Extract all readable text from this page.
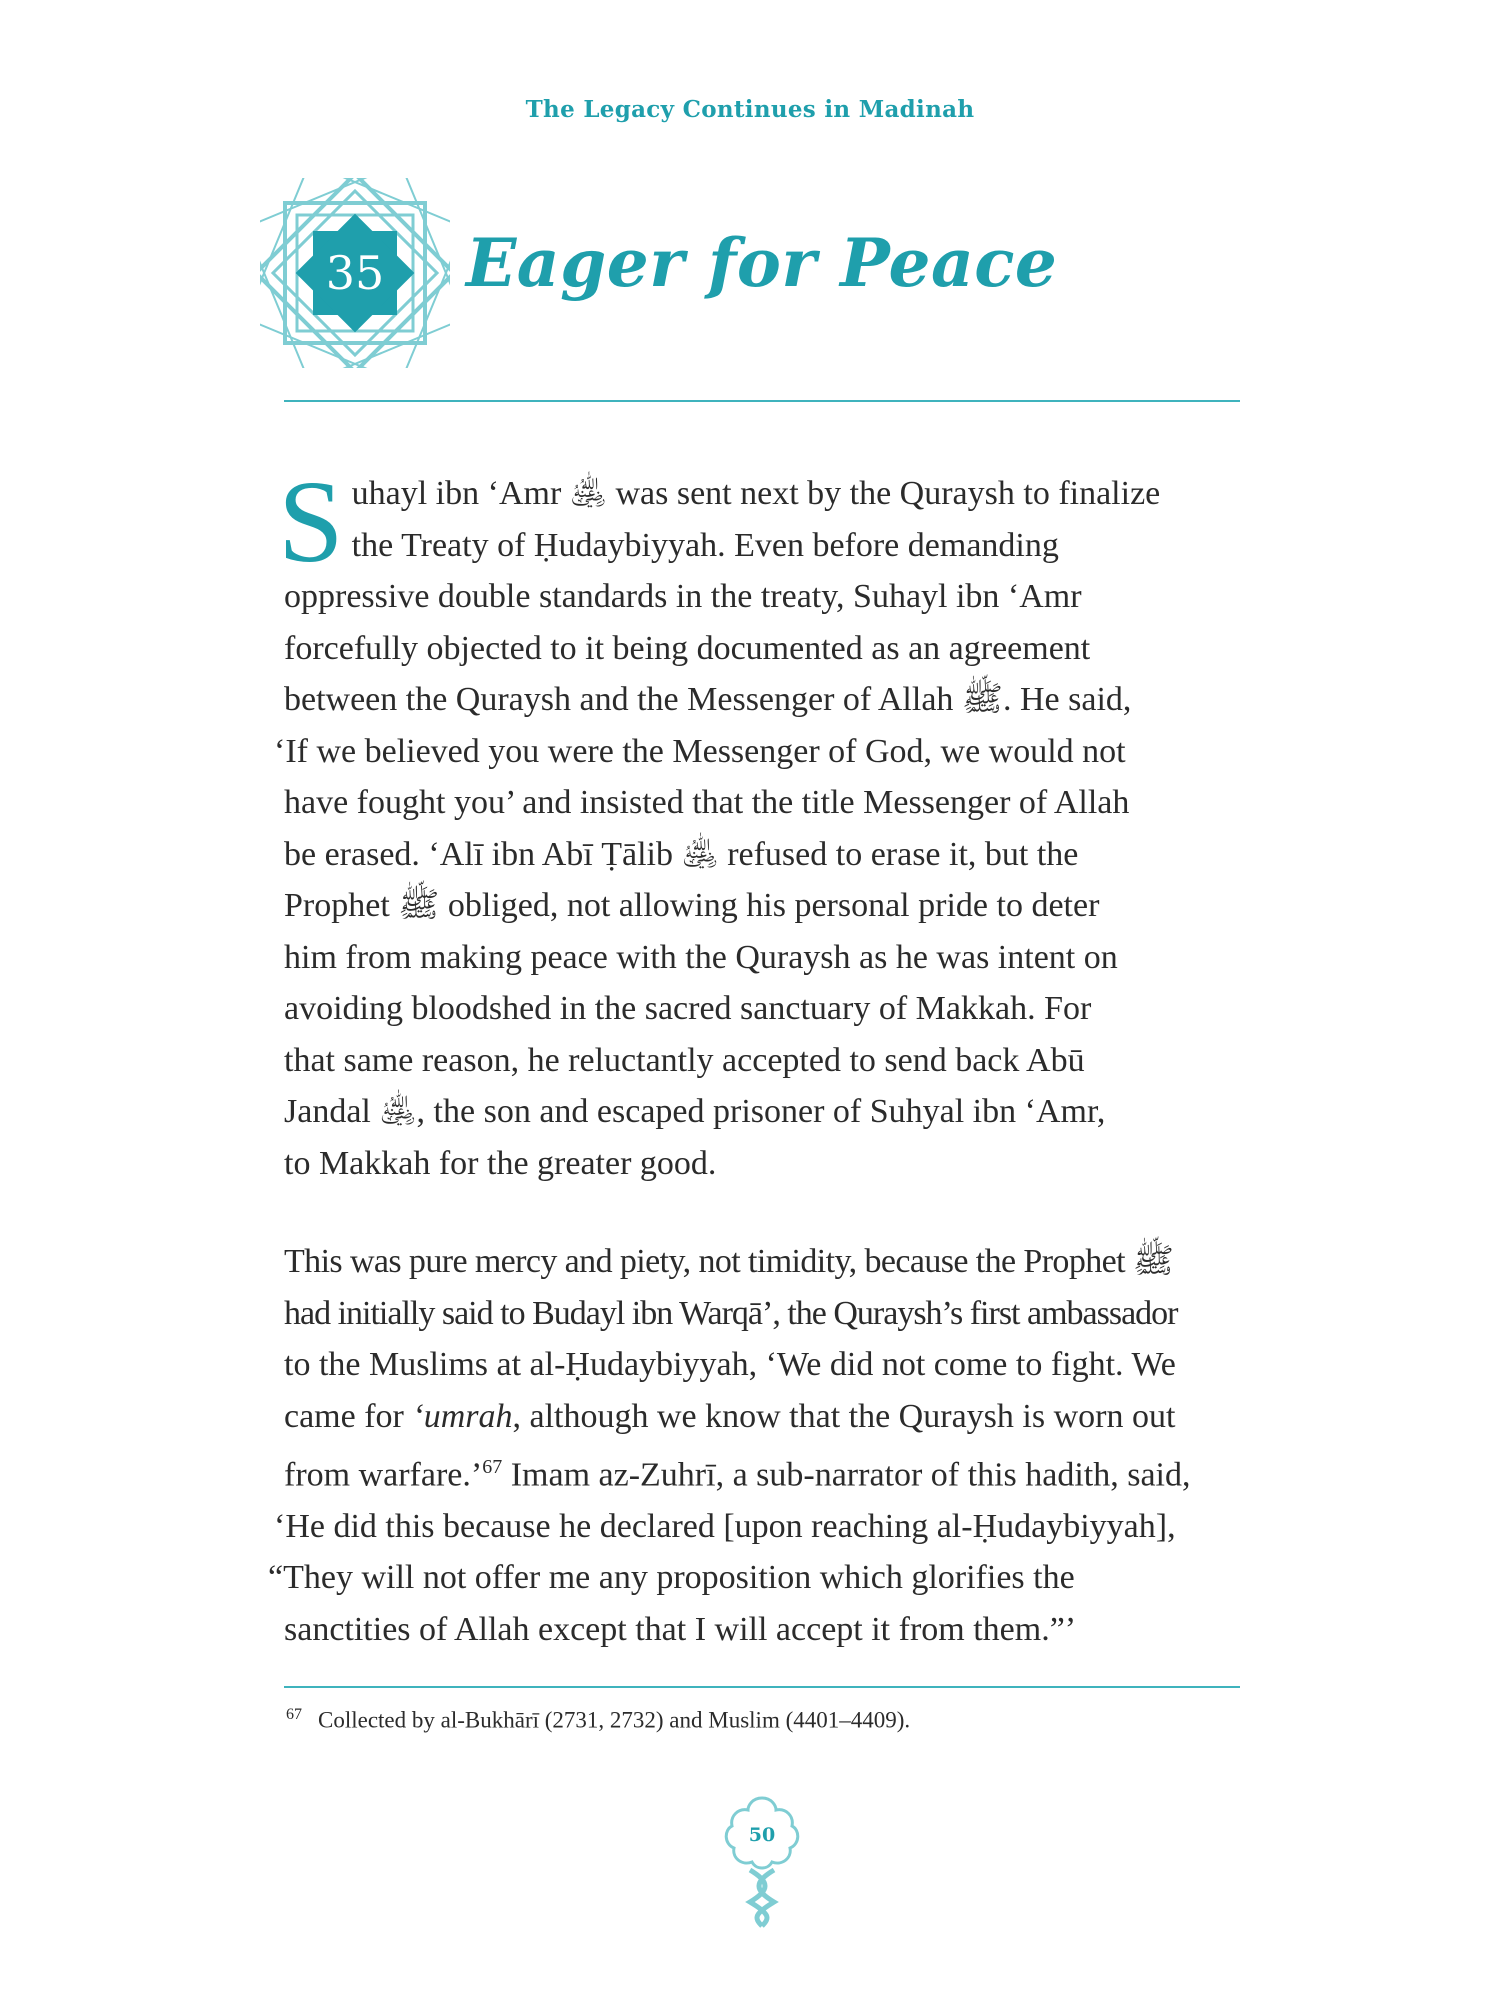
The Legacy Continues in Madinah
35	Eager for Peace
S uhayl ibn ‘Amr ﵁ was sent next by the Quraysh to finalize
the Treaty of Ḥudaybiyyah. Even before demanding
oppressive double standards in the treaty, Suhayl ibn ‘Amr
forcefully objected to it being documented as an agreement
between the Quraysh and the Messenger of Allah ﷺ. He said,
‘If we believed you were the Messenger of God, we would not
have fought you’ and insisted that the title Messenger of Allah
be erased. ‘Alī ibn Abī Ṭālib ﵁ refused to erase it, but the
Prophet ﷺ obliged, not allowing his personal pride to deter
him from making peace with the Quraysh as he was intent on
avoiding bloodshed in the sacred sanctuary of Makkah. For
that same reason, he reluctantly accepted to send back Abū
Jandal ﵁, the son and escaped prisoner of Suhyal ibn ‘Amr,
to Makkah for the greater good.
This was pure mercy and piety, not timidity, because the Prophet ﷺ
had initially said to Budayl ibn Warqā’, the Quraysh’s first ambassador
to the Muslims at al-Ḥudaybiyyah, ‘We did not come to fight. We
came for ‘umrah, although we know that the Quraysh is worn out
from warfare.’$^{67}$ Imam az-Zuhrī, a sub-narrator of this hadith, said,
‘He did this because he declared [upon reaching al-Ḥudaybiyyah],
“They will not offer me any proposition which glorifies the
sanctities of Allah except that I will accept it from them.”’
$^{67}$ Collected by al-Bukhārī (2731, 2732) and Muslim (4401–4409).
50
